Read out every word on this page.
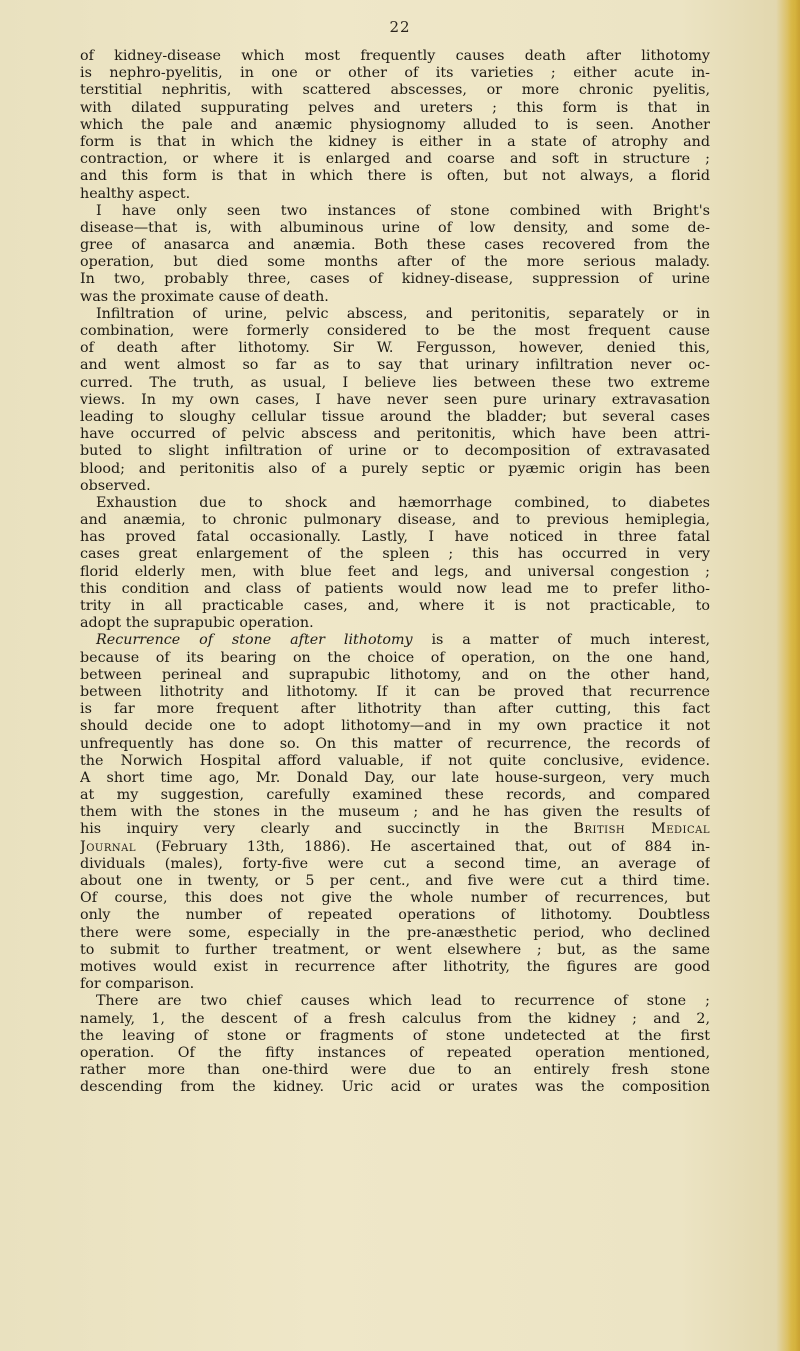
22
of kidney-disease which most frequently causes death after lithotomy
is nephro-pyelitis, in one or other of its varieties ; either acute in-
terstitial nephritis, with scattered abscesses, or more chronic pyelitis,
with dilated suppurating pelves and ureters ; this form is that in
which the pale and anæmic physiognomy alluded to is seen. Another
form is that in which the kidney is either in a state of atrophy and
contraction, or where it is enlarged and coarse and soft in structure ;
and this form is that in which there is often, but not always, a florid
healthy aspect.
I have only seen two instances of stone combined with Bright's
disease—that is, with albuminous urine of low density, and some de-
gree of anasarca and anæmia. Both these cases recovered from the
operation, but died some months after of the more serious malady.
In two, probably three, cases of kidney-disease, suppression of urine
was the proximate cause of death.
Infiltration of urine, pelvic abscess, and peritonitis, separately or in
combination, were formerly considered to be the most frequent cause
of death after lithotomy. Sir W. Fergusson, however, denied this,
and went almost so far as to say that urinary infiltration never oc-
curred. The truth, as usual, I believe lies between these two extreme
views. In my own cases, I have never seen pure urinary extravasation
leading to sloughy cellular tissue around the bladder; but several cases
have occurred of pelvic abscess and peritonitis, which have been attri-
buted to slight infiltration of urine or to decomposition of extravasated
blood; and peritonitis also of a purely septic or pyæmic origin has been
observed.
Exhaustion due to shock and hæmorrhage combined, to diabetes
and anæmia, to chronic pulmonary disease, and to previous hemiplegia,
has proved fatal occasionally. Lastly, I have noticed in three fatal
cases great enlargement of the spleen ; this has occurred in very
florid elderly men, with blue feet and legs, and universal congestion ;
this condition and class of patients would now lead me to prefer litho-
trity in all practicable cases, and, where it is not practicable, to
adopt the suprapubic operation.
Recurrence of stone after lithotomy is a matter of much interest,
because of its bearing on the choice of operation, on the one hand,
between perineal and suprapubic lithotomy, and on the other hand,
between lithotrity and lithotomy. If it can be proved that recurrence
is far more frequent after lithotrity than after cutting, this fact
should decide one to adopt lithotomy—and in my own practice it not
unfrequently has done so. On this matter of recurrence, the records of
the Norwich Hospital afford valuable, if not quite conclusive, evidence.
A short time ago, Mr. Donald Day, our late house-surgeon, very much
at my suggestion, carefully examined these records, and compared
them with the stones in the museum ; and he has given the results of
his inquiry very clearly and succinctly in the British Medical
Journal (February 13th, 1886). He ascertained that, out of 884 in-
dividuals (males), forty-five were cut a second time, an average of
about one in twenty, or 5 per cent., and five were cut a third time.
Of course, this does not give the whole number of recurrences, but
only the number of repeated operations of lithotomy. Doubtless
there were some, especially in the pre-anæsthetic period, who declined
to submit to further treatment, or went elsewhere ; but, as the same
motives would exist in recurrence after lithotrity, the figures are good
for comparison.
There are two chief causes which lead to recurrence of stone ;
namely, 1, the descent of a fresh calculus from the kidney ; and 2,
the leaving of stone or fragments of stone undetected at the first
operation. Of the fifty instances of repeated operation mentioned,
rather more than one-third were due to an entirely fresh stone
descending from the kidney. Uric acid or urates was the composition
